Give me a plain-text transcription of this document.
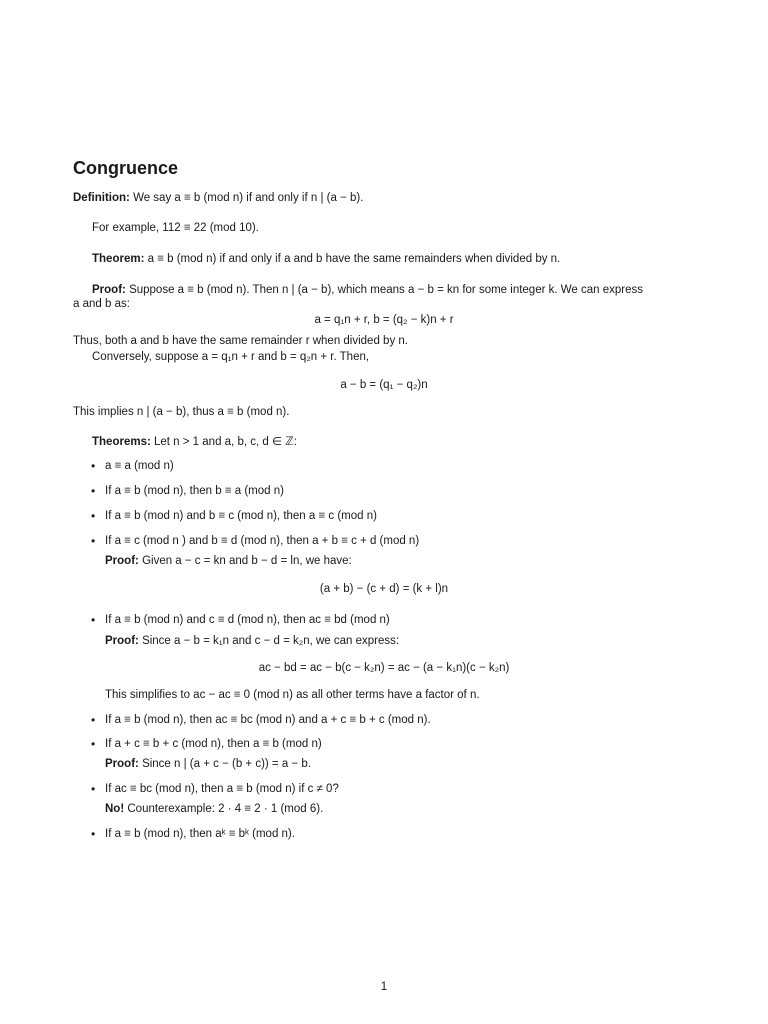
Congruence
Definition: We say a ≡ b (mod n) if and only if n | (a − b).
For example, 112 ≡ 22 (mod 10).
Theorem: a ≡ b (mod n) if and only if a and b have the same remainders when divided by n.
Proof: Suppose a ≡ b (mod n). Then n | (a − b), which means a − b = kn for some integer k. We can express
a and b as:
a = q₁n + r, b = (q₂ − k)n + r
Thus, both a and b have the same remainder r when divided by n.
Conversely, suppose a = q₁n + r and b = q₂n + r. Then,
a − b = (q₁ − q₂)n
This implies n | (a − b), thus a ≡ b (mod n).
Theorems: Let n > 1 and a, b, c, d ∈ ℤ:
• a ≡ a (mod n)
• If a ≡ b (mod n), then b ≡ a (mod n)
• If a ≡ b (mod n) and b ≡ c (mod n), then a ≡ c (mod n)
• If a ≡ c (mod n ) and b ≡ d (mod n), then a + b ≡ c + d (mod n)
Proof: Given a − c = kn and b − d = ln, we have:
(a + b) − (c + d) = (k + l)n
• If a ≡ b (mod n) and c ≡ d (mod n), then ac ≡ bd (mod n)
Proof: Since a − b = k₁n and c − d = k₂n, we can express:
ac − bd = ac − b(c − k₂n) = ac − (a − k₁n)(c − k₂n)
This simplifies to ac − ac ≡ 0 (mod n) as all other terms have a factor of n.
• If a ≡ b (mod n), then ac ≡ bc (mod n) and a + c ≡ b + c (mod n).
• If a + c ≡ b + c (mod n), then a ≡ b (mod n)
Proof: Since n | (a + c − (b + c)) = a − b.
• If ac ≡ bc (mod n), then a ≡ b (mod n) if c ≠ 0?
No! Counterexample: 2 · 4 ≡ 2 · 1 (mod 6).
• If a ≡ b (mod n), then aᵏ ≡ bᵏ (mod n).
1
